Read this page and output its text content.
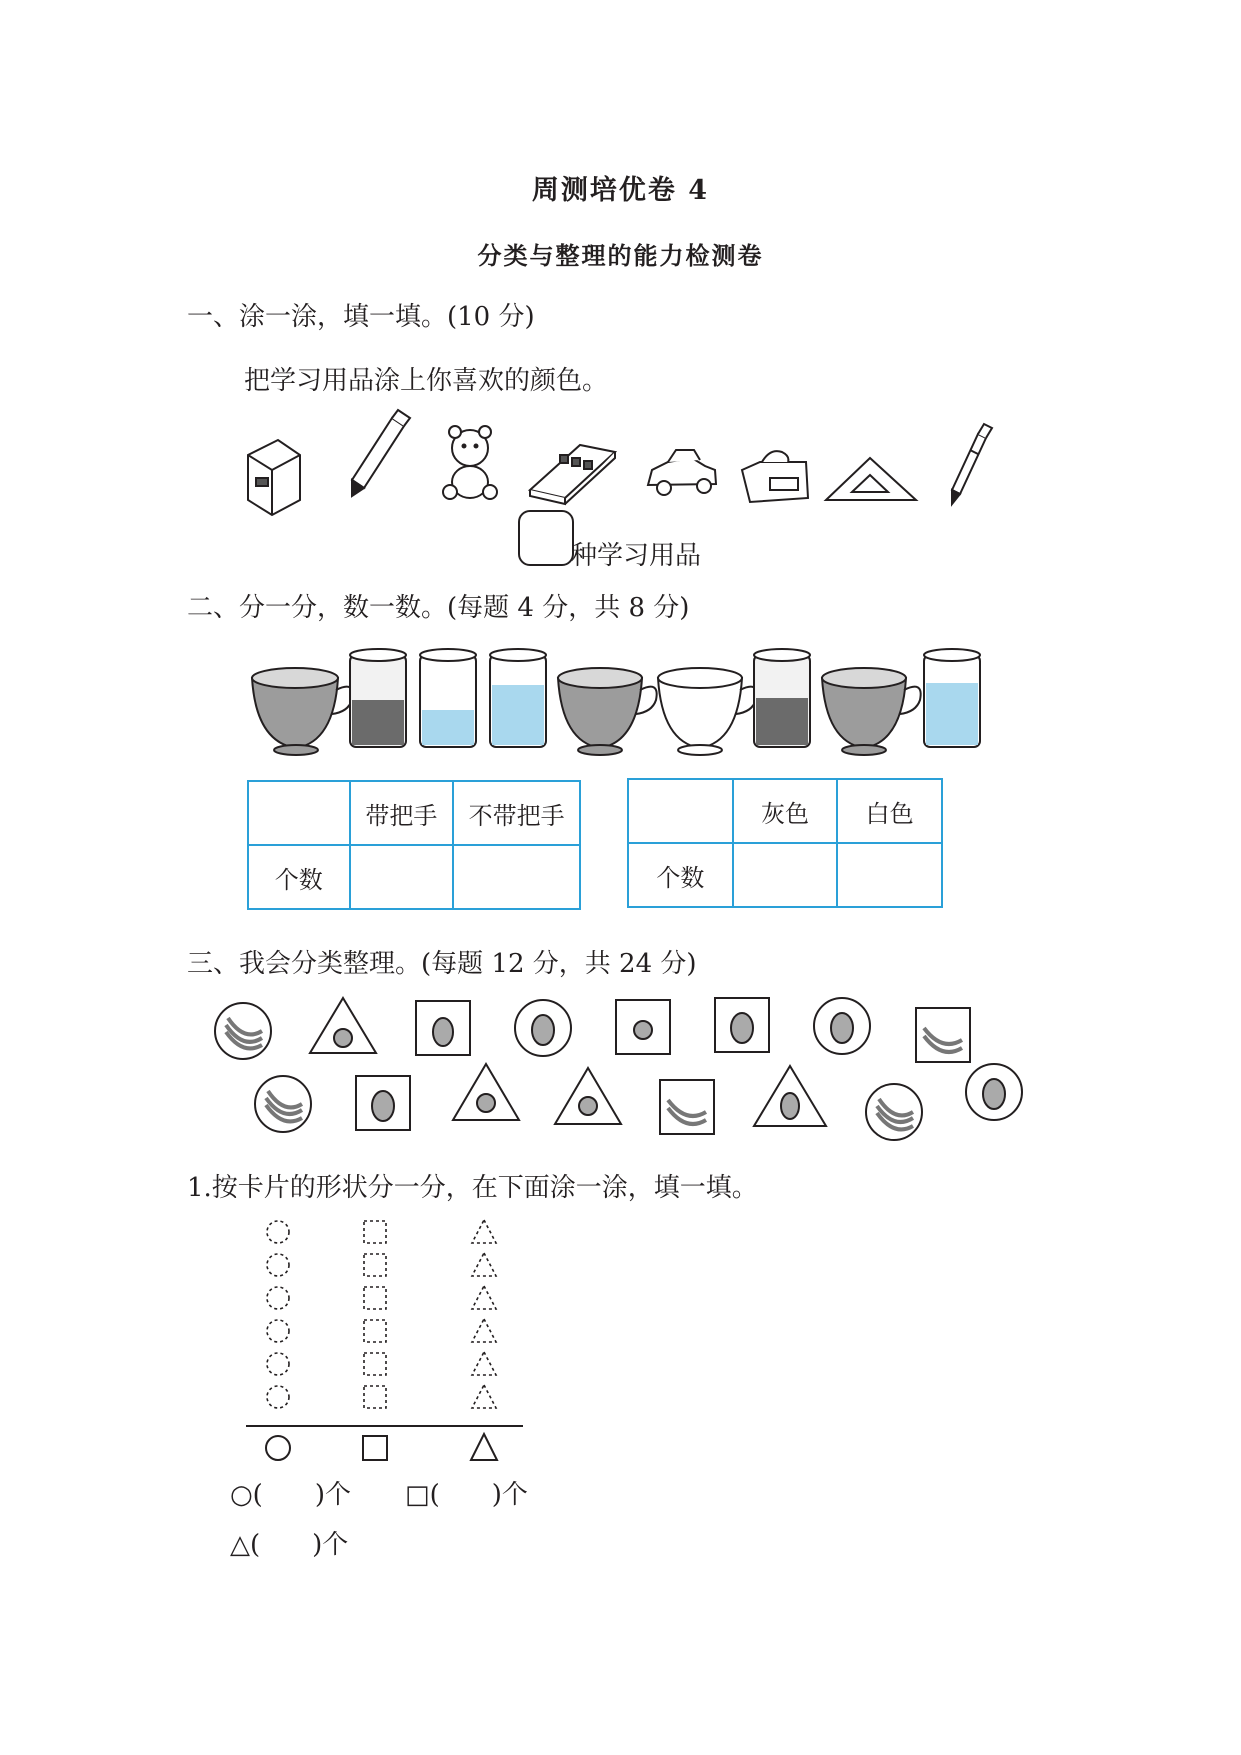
周测培优卷 4
分类与整理的能力检测卷
一、涂一涂，填一填。(10 分)
把学习用品涂上你喜欢的颜色。
种学习用品
二、分一分，数一数。(每题 4 分，共 8 分)
	带把手	不带把手
个数		
	灰色	白色
个数		
三、我会分类整理。(每题 12 分，共 24 分)
1.按卡片的形状分一分，在下面涂一涂，填一填。
○(　　)个 □(　　)个
△(　　)个
